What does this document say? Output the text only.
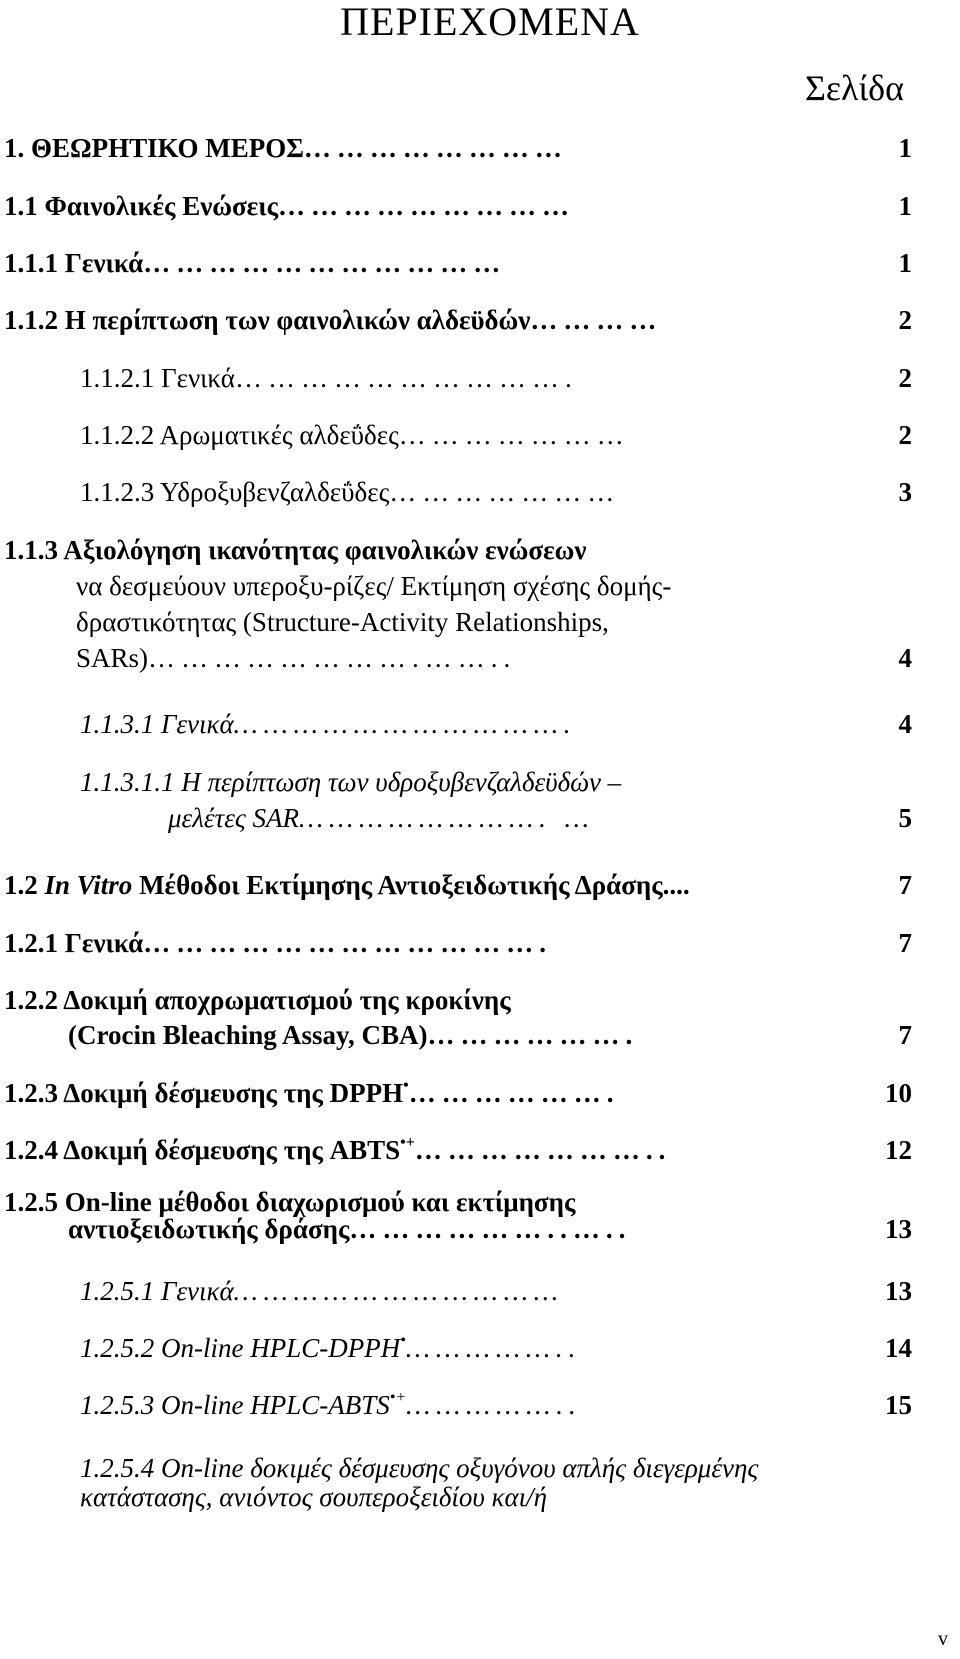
ΠΕΡΙΕΧΟΜΕΝΑ
Σελίδα
1. ΘΕΩΡΗΤΙΚΟ ΜΕΡΟΣ……………………	1
1.1 Φαινολικές Ενώσεις………………………	1
1.1.1 Γενικά……………………………	1
1.1.2 Η περίπτωση των φαινολικών αλδεϋδών…………	2
1.1.2.1 Γενικά………………………….	2
1.1.2.2 Αρωματικές αλδεΰδες…………………	2
1.1.2.3 Υδροξυβενζαλδεΰδες…………………	3
1.1.3 Αξιολόγηση ικανότητας φαινολικών ενώσεων
να δεσμεύουν υπεροξυ-ρίζες/ Εκτίμηση σχέσης δομής-
δραστικότητας (Structure-Activity Relationships,
SARs)…………………….……..	4
1.1.3.1 Γενικά…………………………….	4
1.1.3.1.1 Η περίπτωση των υδροξυβενζαλδεϋδών –
μελέτες SAR……………………. …	5
1.2 In Vitro Μέθοδοι Εκτίμησης Αντιοξειδωτικής Δράσης....	7
1.2.1 Γενικά……………………………….	7
1.2.2 Δοκιμή αποχρωματισμού της κροκίνης
(Crocin Bleaching Assay, CBA)……………….	7
1.2.3 Δοκιμή δέσμευσης της DPPH•……………….	10
1.2.4 Δοκιμή δέσμευσης της ABTS•+…………………..	12
1.2.5 On-line μέθοδοι διαχωρισμού και εκτίμησης
αντιοξειδωτικής δράσης………………..…..	13
1.2.5.1 Γενικά……………………………	13
1.2.5.2 On-line HPLC-DPPH•……………..	14
1.2.5.3 On-line HPLC-ABTS•+……………..	15
1.2.5.4 On-line δοκιμές δέσμευσης οξυγόνου απλής διεγερμένης
κατάστασης, ανιόντος σουπεροξειδίου και/ή
v
